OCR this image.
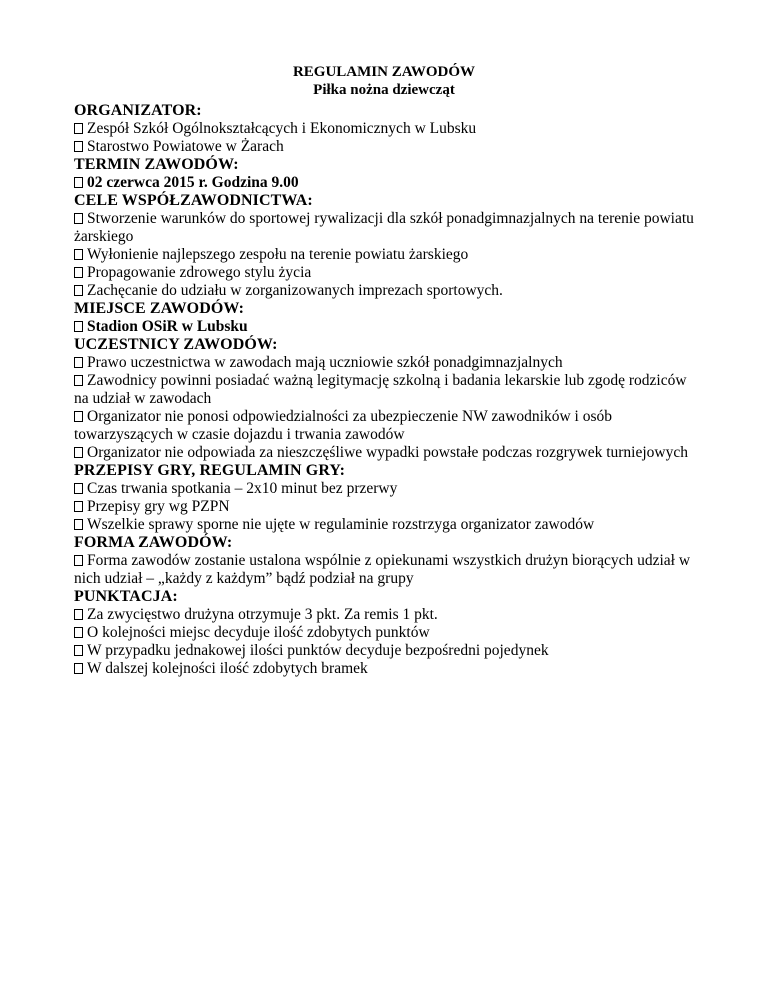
REGULAMIN ZAWODÓW

Piłka nożna dziewcząt

ORGANIZATOR:

Zespół Szkół Ogólnokształcących i Ekonomicznych w Lubsku

Starostwo Powiatowe w Żarach

TERMIN ZAWODÓW:

02 czerwca 2015 r. Godzina 9.00

CELE WSPÓŁZAWODNICTWA:

Stworzenie warunków do sportowej rywalizacji dla szkół ponadgimnazjalnych na terenie powiatu żarskiego

Wyłonienie najlepszego zespołu na terenie powiatu żarskiego

Propagowanie zdrowego stylu życia

Zachęcanie do udziału w zorganizowanych imprezach sportowych.

MIEJSCE ZAWODÓW:

Stadion OSiR w Lubsku

UCZESTNICY ZAWODÓW:

Prawo uczestnictwa w zawodach mają uczniowie szkół ponadgimnazjalnych

Zawodnicy powinni posiadać ważną legitymację szkolną i badania lekarskie lub zgodę rodziców na udział w zawodach

Organizator nie ponosi odpowiedzialności za ubezpieczenie NW zawodników i osób towarzyszących w czasie dojazdu i trwania zawodów

Organizator nie odpowiada za nieszczęśliwe wypadki powstałe podczas rozgrywek turniejowych

PRZEPISY GRY, REGULAMIN GRY:

Czas trwania spotkania – 2x10 minut bez przerwy

Przepisy gry wg PZPN

Wszelkie sprawy sporne nie ujęte w regulaminie rozstrzyga organizator zawodów

FORMA ZAWODÓW:

Forma zawodów zostanie ustalona wspólnie z opiekunami wszystkich drużyn biorących udział w nich udział – „każdy z każdym” bądź podział na grupy

PUNKTACJA:

Za zwycięstwo drużyna otrzymuje 3 pkt. Za remis 1 pkt.

O kolejności miejsc decyduje ilość zdobytych punktów

W przypadku jednakowej ilości punktów decyduje bezpośredni pojedynek

W dalszej kolejności ilość zdobytych bramek
